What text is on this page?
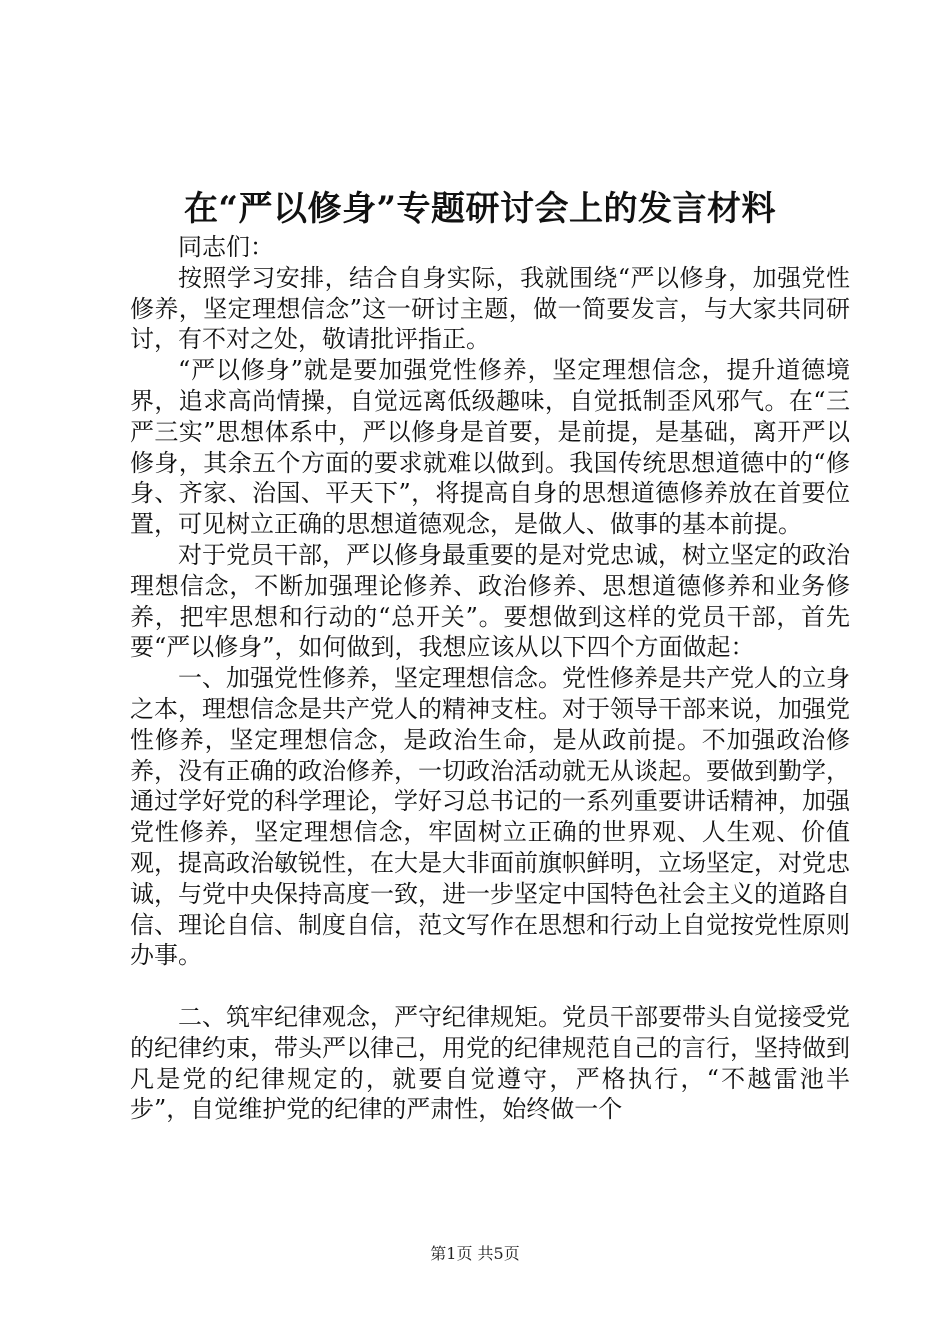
在“严以修身”专题研讨会上的发言材料

同志们：

按照学习安排，结合自身实际，我就围绕“严以修身，加强党性修养，坚定理想信念”这一研讨主题，做一简要发言，与大家共同研讨，有不对之处，敬请批评指正。

“严以修身”就是要加强党性修养，坚定理想信念，提升道德境界，追求高尚情操，自觉远离低级趣味，自觉抵制歪风邪气。在“三严三实”思想体系中，严以修身是首要，是前提，是基础，离开严以修身，其余五个方面的要求就难以做到。我国传统思想道德中的“修身、齐家、治国、平天下”，将提高自身的思想道德修养放在首要位置，可见树立正确的思想道德观念，是做人、做事的基本前提。

对于党员干部，严以修身最重要的是对党忠诚，树立坚定的政治理想信念，不断加强理论修养、政治修养、思想道德修养和业务修养，把牢思想和行动的“总开关”。要想做到这样的党员干部，首先要“严以修身”，如何做到，我想应该从以下四个方面做起：

一、加强党性修养，坚定理想信念。党性修养是共产党人的立身之本，理想信念是共产党人的精神支柱。对于领导干部来说，加强党性修养，坚定理想信念，是政治生命，是从政前提。不加强政治修养，没有正确的政治修养，一切政治活动就无从谈起。要做到勤学，通过学好党的科学理论，学好习总书记的一系列重要讲话精神，加强党性修养，坚定理想信念，牢固树立正确的世界观、人生观、价值观，提高政治敏锐性，在大是大非面前旗帜鲜明，立场坚定，对党忠诚，与党中央保持高度一致，进一步坚定中国特色社会主义的道路自信、理论自信、制度自信，范文写作在思想和行动上自觉按党性原则办事。

二、筑牢纪律观念，严守纪律规矩。党员干部要带头自觉接受党的纪律约束，带头严以律己，用党的纪律规范自己的言行，坚持做到凡是党的纪律规定的，就要自觉遵守，严格执行，“不越雷池半步”，自觉维护党的纪律的严肃性，始终做一个

第1页 共5页
